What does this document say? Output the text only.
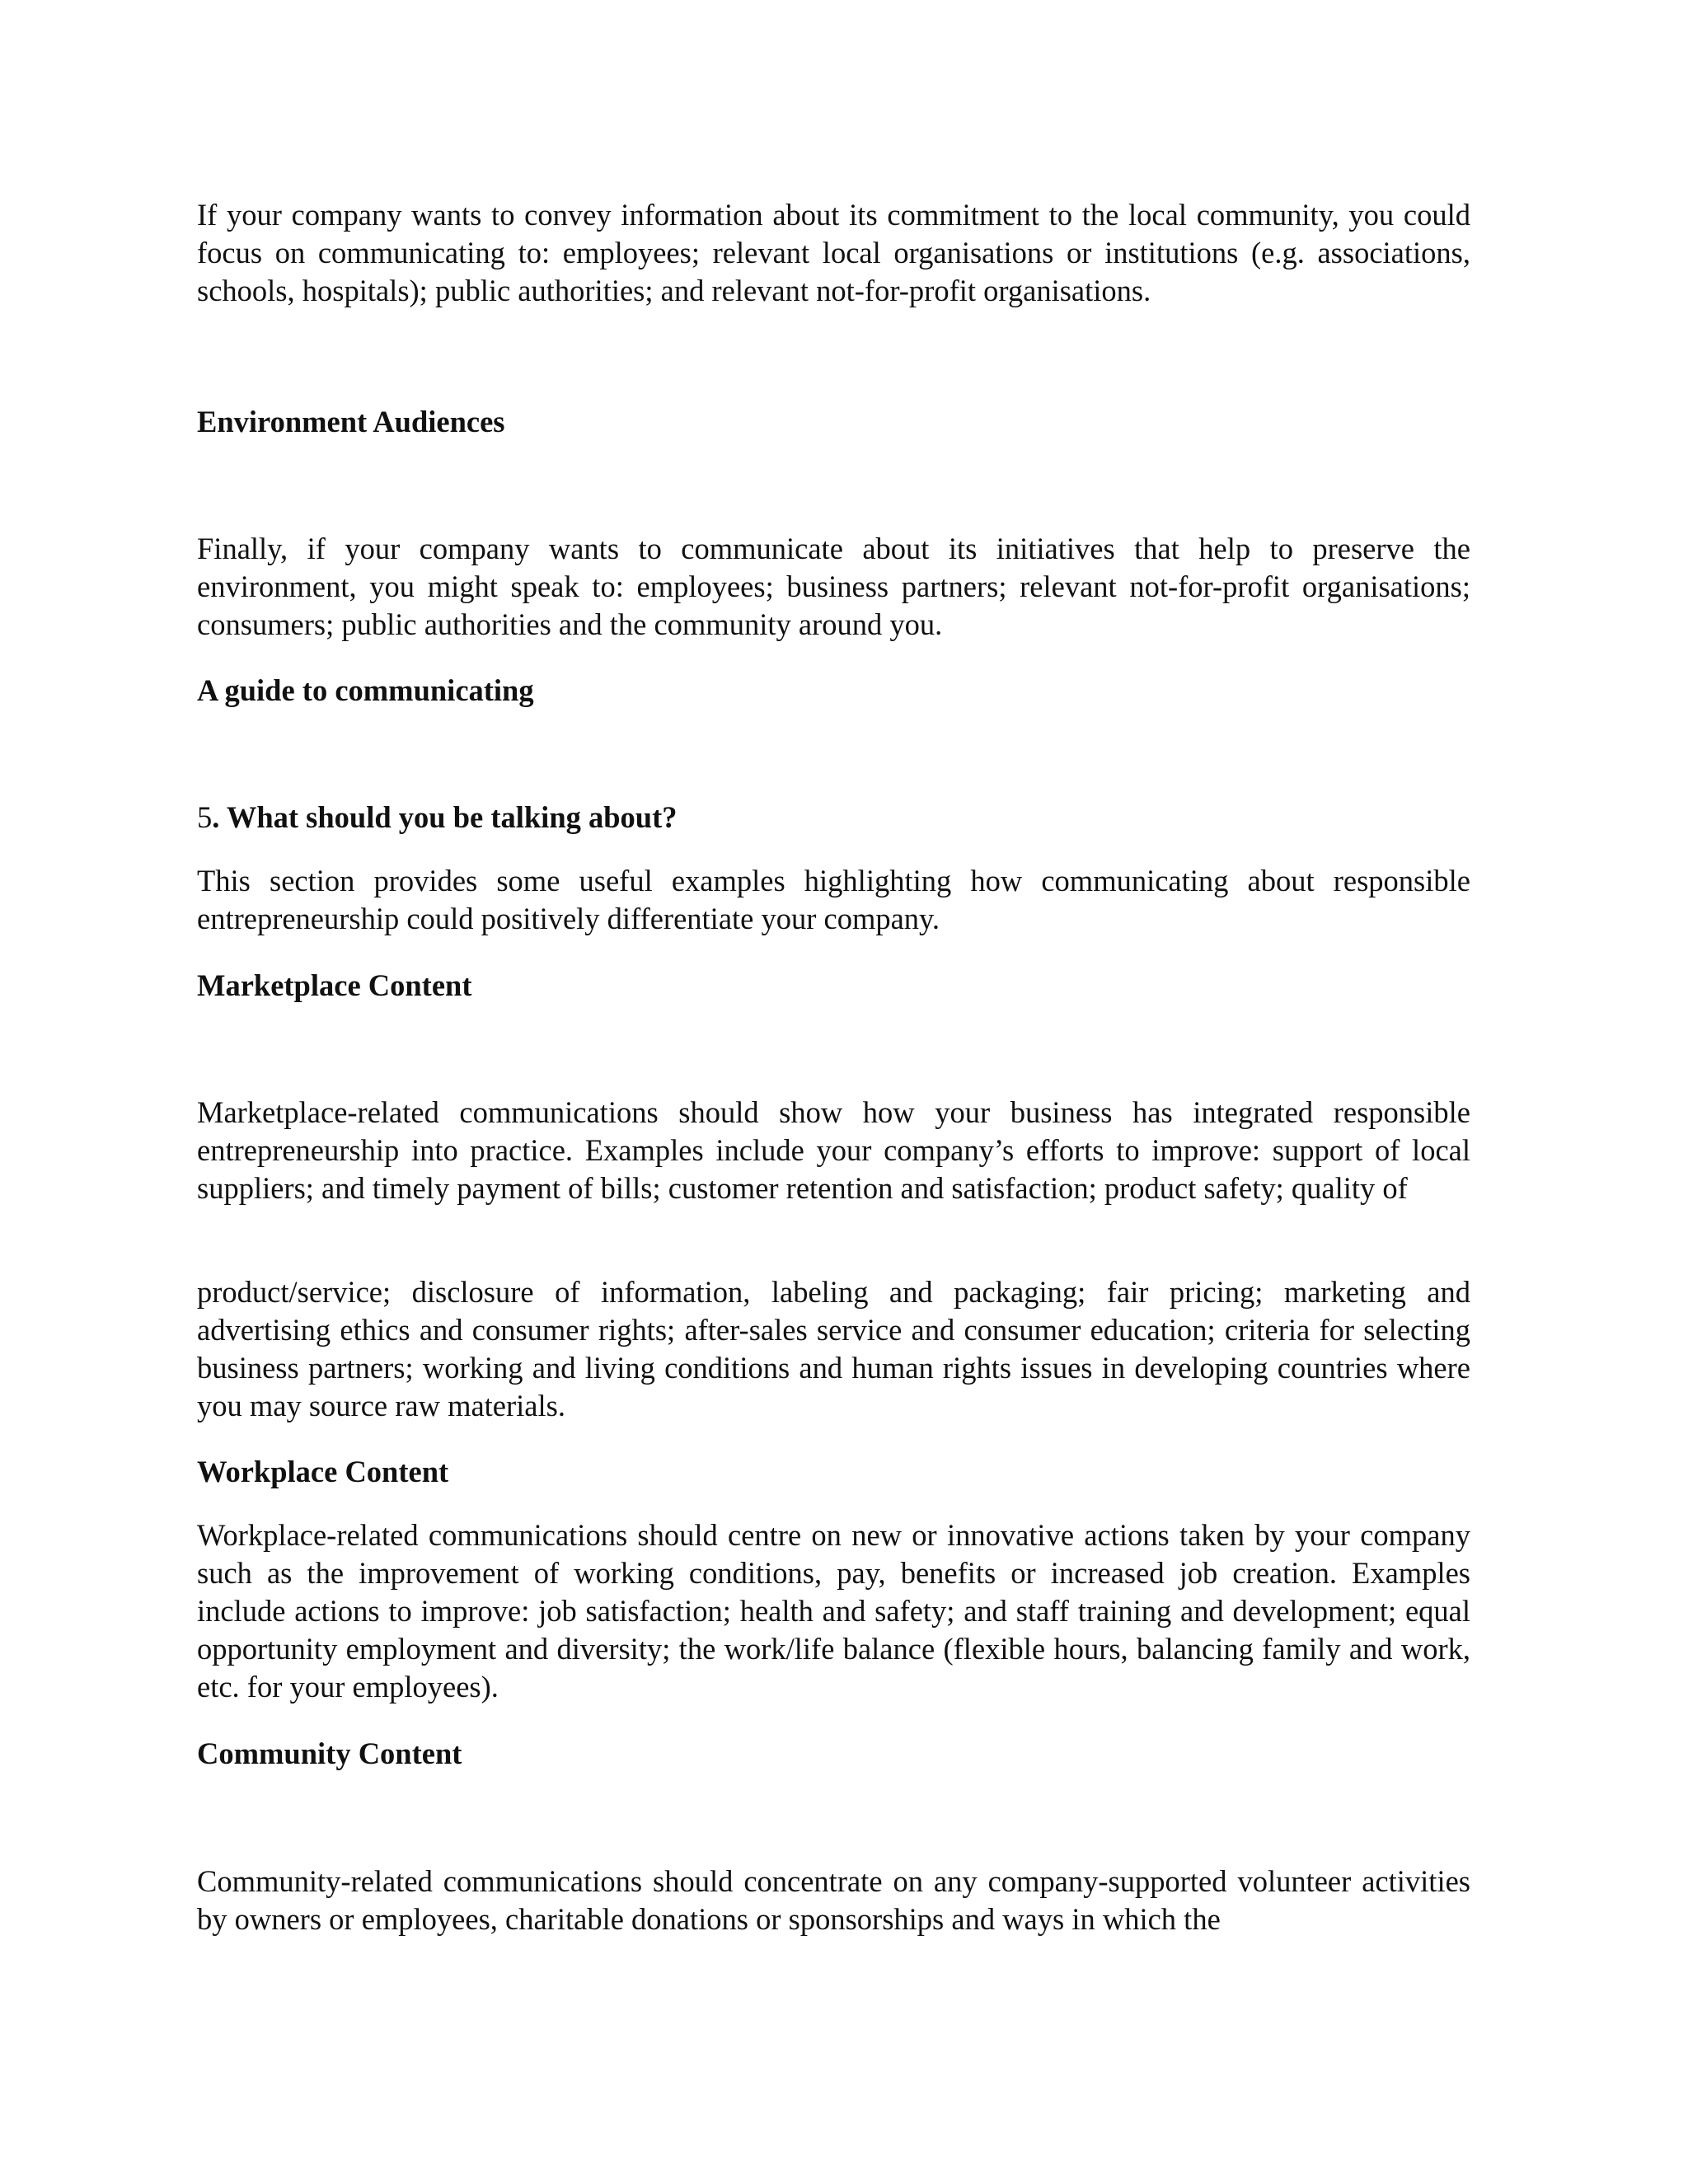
If your company wants to convey information about its commitment to the local community, you could focus on communicating to: employees; relevant local organisations or institutions (e.g. associations, schools, hospitals); public authorities; and relevant not-for-profit organisations.

Environment Audiences

Finally, if your company wants to communicate about its initiatives that help to preserve the environment, you might speak to: employees; business partners; relevant not-for-profit organisations; consumers; public authorities and the community around you.

A guide to communicating

5. What should you be talking about?

This section provides some useful examples highlighting how communicating about responsible entrepreneurship could positively differentiate your company.

Marketplace Content

Marketplace-related communications should show how your business has integrated responsible entrepreneurship into practice. Examples include your company’s efforts to improve: support of local suppliers; and timely payment of bills; customer retention and satisfaction; product safety; quality of

product/service; disclosure of information, labeling and packaging; fair pricing; marketing and advertising ethics and consumer rights; after-sales service and consumer education; criteria for selecting business partners; working and living conditions and human rights issues in developing countries where you may source raw materials.

Workplace Content

Workplace-related communications should centre on new or innovative actions taken by your company such as the improvement of working conditions, pay, benefits or increased job creation. Examples include actions to improve: job satisfaction; health and safety; and staff training and development; equal opportunity employment and diversity; the work/life balance (flexible hours, balancing family and work, etc. for your employees).

Community Content

Community-related communications should concentrate on any company-supported volunteer activities by owners or employees, charitable donations or sponsorships and ways in which the
